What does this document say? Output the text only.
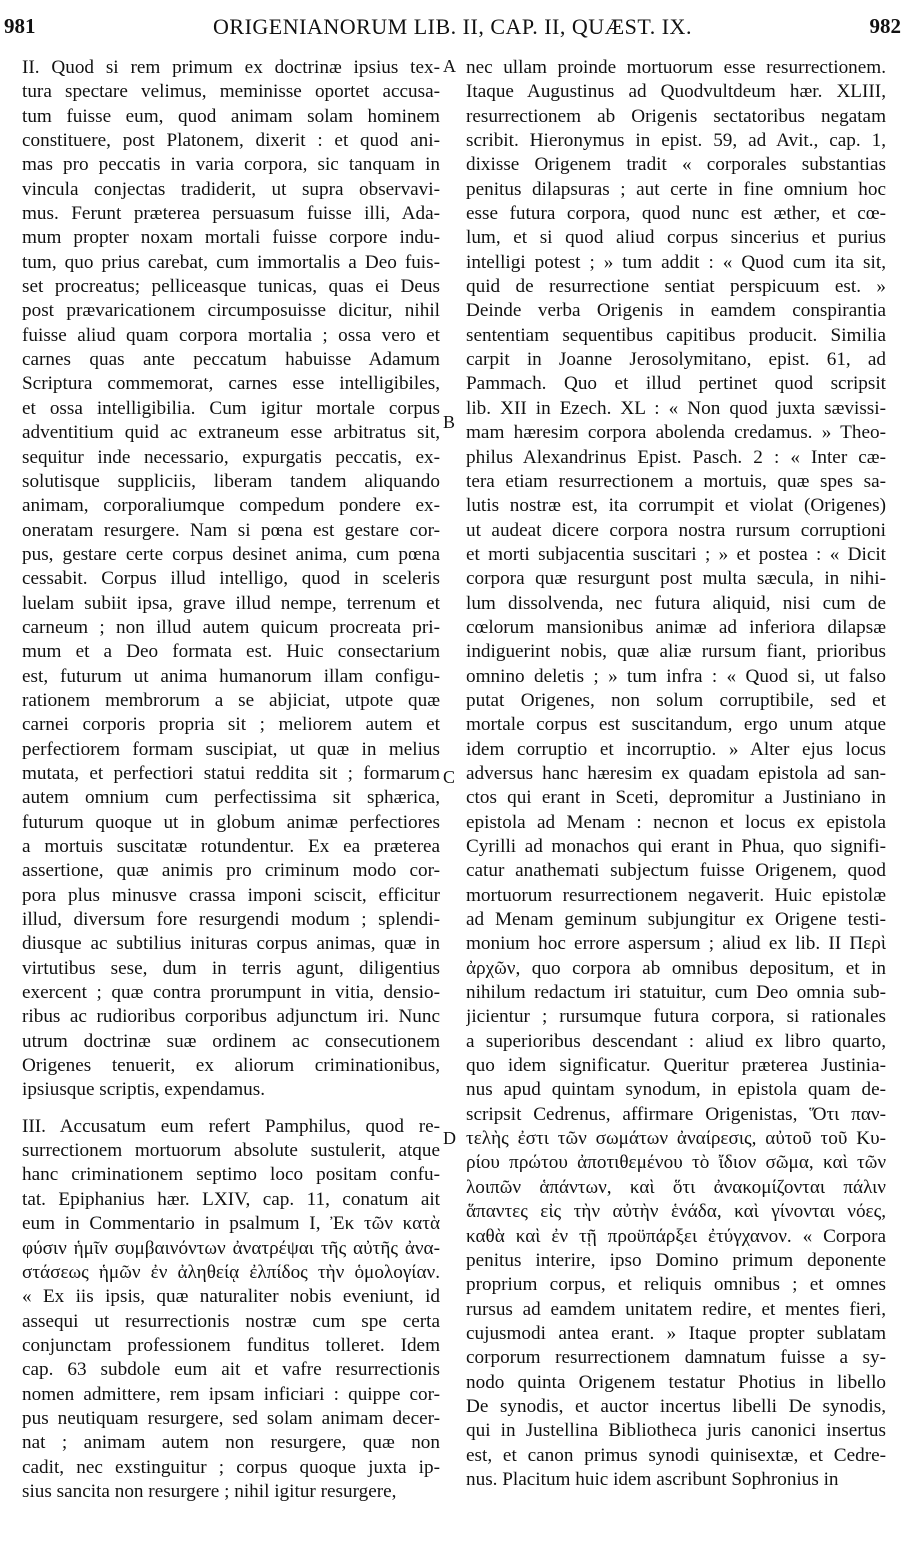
981	ORIGENIANORUM LIB. II, CAP. II, QUÆST. IX.	982
A
B
C
D
II. Quod si rem primum ex doctrinæ ipsius tex-
tura spectare velimus, meminisse oportet accusa-
tum fuisse eum, quod animam solam hominem
constituere, post Platonem, dixerit : et quod ani-
mas pro peccatis in varia corpora, sic tanquam in
vincula conjectas tradiderit, ut supra observavi-
mus. Ferunt præterea persuasum fuisse illi, Ada-
mum propter noxam mortali fuisse corpore indu-
tum, quo prius carebat, cum immortalis a Deo fuis-
set procreatus; pelliceasque tunicas, quas ei Deus
post prævaricationem circumposuisse dicitur, nihil
fuisse aliud quam corpora mortalia ; ossa vero et
carnes quas ante peccatum habuisse Adamum
Scriptura commemorat, carnes esse intelligibiles,
et ossa intelligibilia. Cum igitur mortale corpus
adventitium quid ac extraneum esse arbitratus sit,
sequitur inde necessario, expurgatis peccatis, ex-
solutisque suppliciis, liberam tandem aliquando
animam, corporaliumque compedum pondere ex-
oneratam resurgere. Nam si pœna est gestare cor-
pus, gestare certe corpus desinet anima, cum pœna
cessabit. Corpus illud intelligo, quod in sceleris
luelam subiit ipsa, grave illud nempe, terrenum et
carneum ; non illud autem quicum procreata pri-
mum et a Deo formata est. Huic consectarium
est, futurum ut anima humanorum illam configu-
rationem membrorum a se abjiciat, utpote quæ
carnei corporis propria sit ; meliorem autem et
perfectiorem formam suscipiat, ut quæ in melius
mutata, et perfectiori statui reddita sit ; formarum
autem omnium cum perfectissima sit sphærica,
futurum quoque ut in globum animæ perfectiores
a mortuis suscitatæ rotundentur. Ex ea præterea
assertione, quæ animis pro criminum modo cor-
pora plus minusve crassa imponi sciscit, efficitur
illud, diversum fore resurgendi modum ; splendi-
diusque ac subtilius inituras corpus animas, quæ in
virtutibus sese, dum in terris agunt, diligentius
exercent ; quæ contra prorumpunt in vitia, densio-
ribus ac rudioribus corporibus adjunctum iri. Nunc
utrum doctrinæ suæ ordinem ac consecutionem
Origenes tenuerit, ex aliorum criminationibus,
ipsiusque scriptis, expendamus.
III. Accusatum eum refert Pamphilus, quod re-
surrectionem mortuorum absolute sustulerit, atque
hanc criminationem septimo loco positam confu-
tat. Epiphanius hær. LXIV, cap. 11, conatum ait
eum in Commentario in psalmum I, Ἐκ τῶν κατὰ
φύσιν ἡμῖν συμβαινόντων ἀνατρέψαι τῆς αὐτῆς ἀνα-
στάσεως ἡμῶν ἐν ἀληθείᾳ ἐλπίδος τὴν ὁμολογίαν.
« Ex iis ipsis, quæ naturaliter nobis eveniunt, id
assequi ut resurrectionis nostræ cum spe certa
conjunctam professionem funditus tolleret. Idem
cap. 63 subdole eum ait et vafre resurrectionis
nomen admittere, rem ipsam inficiari : quippe cor-
pus neutiquam resurgere, sed solam animam decer-
nat ; animam autem non resurgere, quæ non
cadit, nec exstinguitur ; corpus quoque juxta ip-
sius sancita non resurgere ; nihil igitur resurgere,
nec ullam proinde mortuorum esse resurrectionem.
Itaque Augustinus ad Quodvultdeum hær. XLIII,
resurrectionem ab Origenis sectatoribus negatam
scribit. Hieronymus in epist. 59, ad Avit., cap. 1,
dixisse Origenem tradit « corporales substantias
penitus dilapsuras ; aut certe in fine omnium hoc
esse futura corpora, quod nunc est æther, et cœ-
lum, et si quod aliud corpus sincerius et purius
intelligi potest ; » tum addit : « Quod cum ita sit,
quid de resurrectione sentiat perspicuum est. »
Deinde verba Origenis in eamdem conspirantia
sententiam sequentibus capitibus producit. Similia
carpit in Joanne Jerosolymitano, epist. 61, ad
Pammach. Quo et illud pertinet quod scripsit
lib. XII in Ezech. XL : « Non quod juxta sævissi-
mam hæresim corpora abolenda credamus. » Theo-
philus Alexandrinus Epist. Pasch. 2 : « Inter cæ-
tera etiam resurrectionem a mortuis, quæ spes sa-
lutis nostræ est, ita corrumpit et violat (Origenes)
ut audeat dicere corpora nostra rursum corruptioni
et morti subjacentia suscitari ; » et postea : « Dicit
corpora quæ resurgunt post multa sæcula, in nihi-
lum dissolvenda, nec futura aliquid, nisi cum de
cœlorum mansionibus animæ ad inferiora dilapsæ
indiguerint nobis, quæ aliæ rursum fiant, prioribus
omnino deletis ; » tum infra : « Quod si, ut falso
putat Origenes, non solum corruptibile, sed et
mortale corpus est suscitandum, ergo unum atque
idem corruptio et incorruptio. » Alter ejus locus
adversus hanc hæresim ex quadam epistola ad san-
ctos qui erant in Sceti, depromitur a Justiniano in
epistola ad Menam : necnon et locus ex epistola
Cyrilli ad monachos qui erant in Phua, quo signifi-
catur anathemati subjectum fuisse Origenem, quod
mortuorum resurrectionem negaverit. Huic epistolæ
ad Menam geminum subjungitur ex Origene testi-
monium hoc errore aspersum ; aliud ex lib. II Περὶ
ἀρχῶν, quo corpora ab omnibus depositum, et in
nihilum redactum iri statuitur, cum Deo omnia sub-
jicientur ; rursumque futura corpora, si rationales
a superioribus descendant : aliud ex libro quarto,
quo idem significatur. Queritur præterea Justinia-
nus apud quintam synodum, in epistola quam de-
scripsit Cedrenus, affirmare Origenistas, Ὅτι παν-
τελὴς ἐστι τῶν σωμάτων ἀναίρεσις, αὐτοῦ τοῦ Κυ-
ρίου πρώτου ἀποτιθεμένου τὸ ἴδιον σῶμα, καὶ τῶν
λοιπῶν ἁπάντων, καὶ ὅτι ἀνακομίζονται πάλιν
ἅπαντες εἰς τὴν αὐτὴν ἑνάδα, καὶ γίνονται νόες,
καθὰ καὶ ἐν τῇ προϋπάρξει ἐτύγχανον. « Corpora
penitus interire, ipso Domino primum deponente
proprium corpus, et reliquis omnibus ; et omnes
rursus ad eamdem unitatem redire, et mentes fieri,
cujusmodi antea erant. » Itaque propter sublatam
corporum resurrectionem damnatum fuisse a sy-
nodo quinta Origenem testatur Photius in libello
De synodis, et auctor incertus libelli De synodis,
qui in Justellina Bibliotheca juris canonici insertus
est, et canon primus synodi quinisextæ, et Cedre-
nus. Placitum huic idem ascribunt Sophronius in
